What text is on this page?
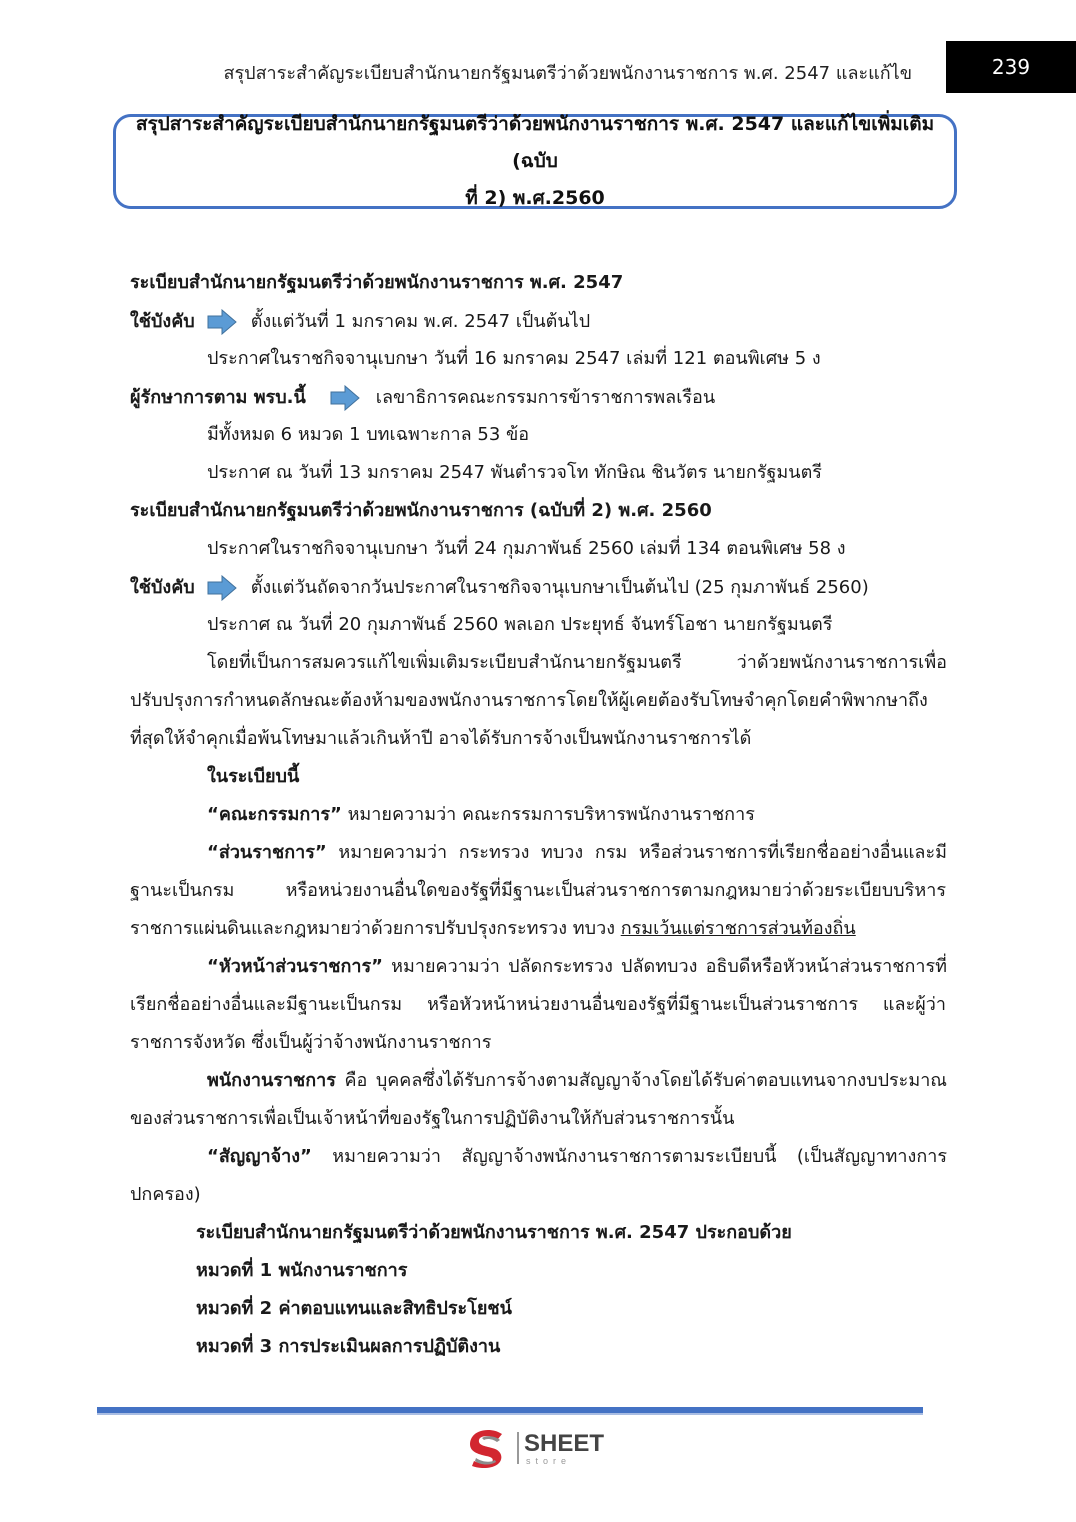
สรุปสาระสำคัญระเบียบสำนักนายกรัฐมนตรีว่าด้วยพนักงานราชการ พ.ศ. 2547 และแก้ไข	239
สรุปสาระสำคัญระเบียบสำนักนายกรัฐมนตรีว่าด้วยพนักงานราชการ พ.ศ. 2547 และแก้ไขเพิ่มเติม (ฉบับ
ที่ 2) พ.ศ.2560
ระเบียบสำนักนายกรัฐมนตรีว่าด้วยพนักงานราชการ พ.ศ. 2547
ใช้บังคับ	ตั้งแต่วันที่ 1 มกราคม พ.ศ. 2547 เป็นต้นไป
ประกาศในราชกิจจานุเบกษา วันที่ 16 มกราคม 2547 เล่มที่ 121 ตอนพิเศษ 5 ง
ผู้รักษาการตาม พรบ.นี้	เลขาธิการคณะกรรมการข้าราชการพลเรือน
มีทั้งหมด 6 หมวด 1 บทเฉพาะกาล 53 ข้อ
ประกาศ ณ วันที่ 13 มกราคม 2547 พันตำรวจโท ทักษิณ ชินวัตร นายกรัฐมนตรี
ระเบียบสำนักนายกรัฐมนตรีว่าด้วยพนักงานราชการ (ฉบับที่ 2) พ.ศ. 2560
ประกาศในราชกิจจานุเบกษา วันที่ 24 กุมภาพันธ์ 2560 เล่มที่ 134 ตอนพิเศษ 58 ง
ใช้บังคับ	ตั้งแต่วันถัดจากวันประกาศในราชกิจจานุเบกษาเป็นต้นไป (25 กุมภาพันธ์ 2560)
ประกาศ ณ วันที่ 20 กุมภาพันธ์ 2560 พลเอก ประยุทธ์ จันทร์โอชา นายกรัฐมนตรี
โดยที่เป็นการสมควรแก้ไขเพิ่มเติมระเบียบสำนักนายกรัฐมนตรี ว่าด้วยพนักงานราชการเพื่อ
ปรับปรุงการกำหนดลักษณะต้องห้ามของพนักงานราชการโดยให้ผู้เคยต้องรับโทษจำคุกโดยคำพิพากษาถึง
ที่สุดให้จำคุกเมื่อพ้นโทษมาแล้วเกินห้าปี อาจได้รับการจ้างเป็นพนักงานราชการได้
ในระเบียบนี้
“คณะกรรมการ” หมายความว่า คณะกรรมการบริหารพนักงานราชการ
“ส่วนราชการ” หมายความว่า กระทรวง ทบวง กรม หรือส่วนราชการที่เรียกชื่ออย่างอื่นและมี
ฐานะเป็นกรม หรือหน่วยงานอื่นใดของรัฐที่มีฐานะเป็นส่วนราชการตามกฎหมายว่าด้วยระเบียบบริหาร
ราชการแผ่นดินและกฎหมายว่าด้วยการปรับปรุงกระทรวง ทบวง กรมเว้นแต่ราชการส่วนท้องถิ่น
“หัวหน้าส่วนราชการ” หมายความว่า ปลัดกระทรวง ปลัดทบวง อธิบดีหรือหัวหน้าส่วนราชการที่
เรียกชื่ออย่างอื่นและมีฐานะเป็นกรม หรือหัวหน้าหน่วยงานอื่นของรัฐที่มีฐานะเป็นส่วนราชการ และผู้ว่า
ราชการจังหวัด ซึ่งเป็นผู้ว่าจ้างพนักงานราชการ
พนักงานราชการ คือ บุคคลซึ่งได้รับการจ้างตามสัญญาจ้างโดยได้รับค่าตอบแทนจากงบประมาณ
ของส่วนราชการเพื่อเป็นเจ้าหน้าที่ของรัฐในการปฏิบัติงานให้กับส่วนราชการนั้น
“สัญญาจ้าง” หมายความว่า สัญญาจ้างพนักงานราชการตามระเบียบนี้ (เป็นสัญญาทางการ
ปกครอง)
ระเบียบสำนักนายกรัฐมนตรีว่าด้วยพนักงานราชการ พ.ศ. 2547 ประกอบด้วย
หมวดที่ 1 พนักงานราชการ
หมวดที่ 2 ค่าตอบแทนและสิทธิประโยชน์
หมวดที่ 3 การประเมินผลการปฏิบัติงาน
SHEET
store
